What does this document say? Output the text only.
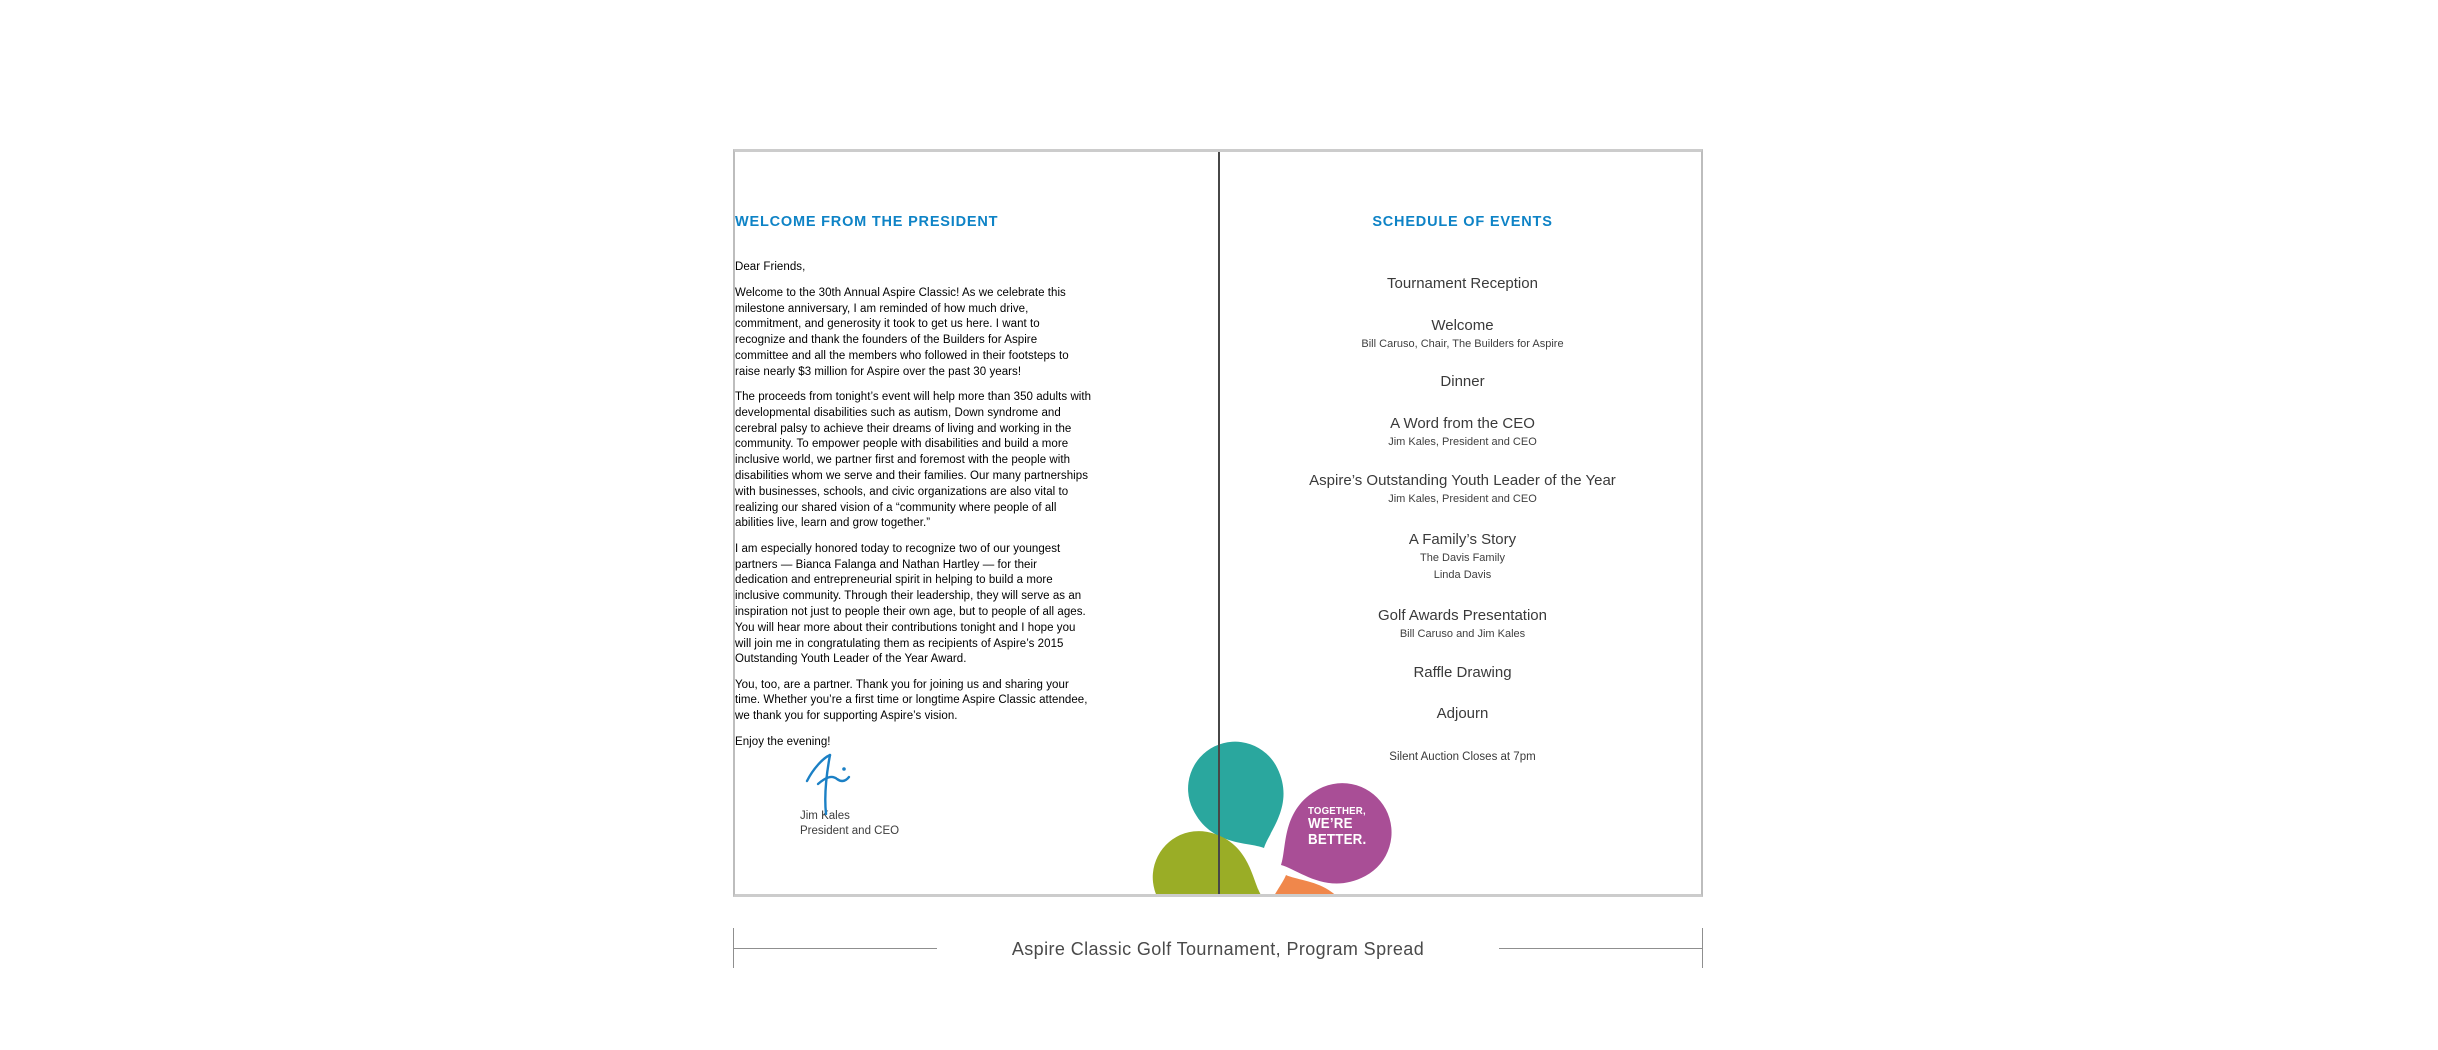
WELCOME FROM THE PRESIDENT

Dear Friends,

Welcome to the 30th Annual Aspire Classic! As we celebrate this milestone anniversary, I am reminded of how much drive, commitment, and generosity it took to get us here. I want to recognize and thank the founders of the Builders for Aspire committee and all the members who followed in their footsteps to raise nearly $3 million for Aspire over the past 30 years!

The proceeds from tonight’s event will help more than 350 adults with developmental disabilities such as autism, Down syndrome and cerebral palsy to achieve their dreams of living and working in the community. To empower people with disabilities and build a more inclusive world, we partner first and foremost with the people with disabilities whom we serve and their families. Our many partnerships with businesses, schools, and civic organizations are also vital to realizing our shared vision of a “community where people of all abilities live, learn and grow together.”

I am especially honored today to recognize two of our youngest partners — Bianca Falanga and Nathan Hartley — for their dedication and entrepreneurial spirit in helping to build a more inclusive community. Through their leadership, they will serve as an inspiration not just to people their own age, but to people of all ages. You will hear more about their contributions tonight and I hope you will join me in congratulating them as recipients of Aspire’s 2015 Outstanding Youth Leader of the Year Award.

You, too, are a partner. Thank you for joining us and sharing your time. Whether you’re a first time or longtime Aspire Classic attendee, we thank you for supporting Aspire’s vision.

Enjoy the evening!

Jim Kales
President and CEO
SCHEDULE OF EVENTS
Tournament Reception
Welcome
Bill Caruso, Chair, The Builders for Aspire
Dinner
A Word from the CEO
Jim Kales, President and CEO
Aspire’s Outstanding Youth Leader of the Year
Jim Kales, President and CEO
A Family’s Story
The Davis Family
Linda Davis
Golf Awards Presentation
Bill Caruso and Jim Kales
Raffle Drawing
Adjourn
Silent Auction Closes at 7pm
TOGETHER,
WE’RE
BETTER.
Aspire Classic Golf Tournament, Program Spread
